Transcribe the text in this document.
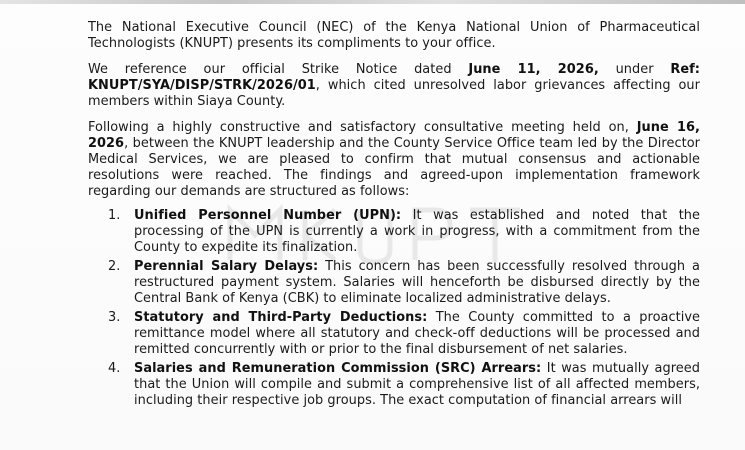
The National Executive Council (NEC) of the Kenya National Union of Pharmaceutical Technologists (KNUPT) presents its compliments to your office.

We reference our official Strike Notice dated June 11, 2026, under Ref: KNUPT/SYA/DISP/STRK/2026/01, which cited unresolved labor grievances affecting our members within Siaya County.

Following a highly constructive and satisfactory consultative meeting held on, June 16, 2026, between the KNUPT leadership and the County Service Office team led by the Director Medical Services, we are pleased to confirm that mutual consensus and actionable resolutions were reached. The findings and agreed-upon implementation framework regarding our demands are structured as follows:

1. Unified Personnel Number (UPN): It was established and noted that the processing of the UPN is currently a work in progress, with a commitment from the County to expedite its finalization.
2. Perennial Salary Delays: This concern has been successfully resolved through a restructured payment system. Salaries will henceforth be disbursed directly by the Central Bank of Kenya (CBK) to eliminate localized administrative delays.
3. Statutory and Third-Party Deductions: The County committed to a proactive remittance model where all statutory and check-off deductions will be processed and remitted concurrently with or prior to the final disbursement of net salaries.
4. Salaries and Remuneration Commission (SRC) Arrears: It was mutually agreed that the Union will compile and submit a comprehensive list of all affected members, including their respective job groups. The exact computation of financial arrears will
